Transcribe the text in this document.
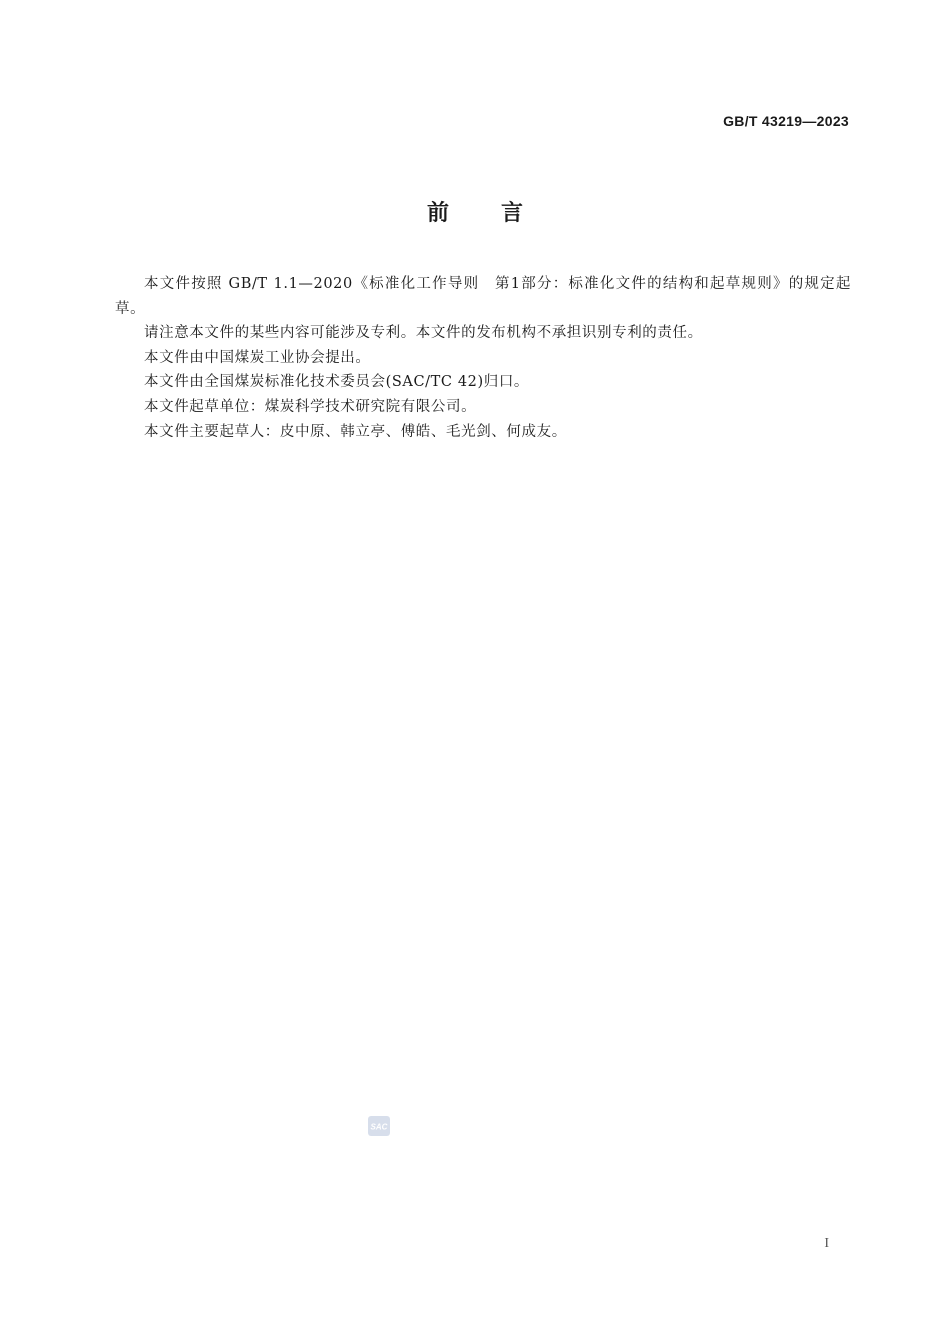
GB/T 43219—2023
前 言

本文件按照 GB/T 1.1—2020《标准化工作导则　第1部分：标准化文件的结构和起草规则》的规定起草。

请注意本文件的某些内容可能涉及专利。本文件的发布机构不承担识别专利的责任。

本文件由中国煤炭工业协会提出。

本文件由全国煤炭标准化技术委员会(SAC/TC 42)归口。

本文件起草单位：煤炭科学技术研究院有限公司。

本文件主要起草人：皮中原、韩立亭、傅皓、毛光剑、何成友。

SAC
I
